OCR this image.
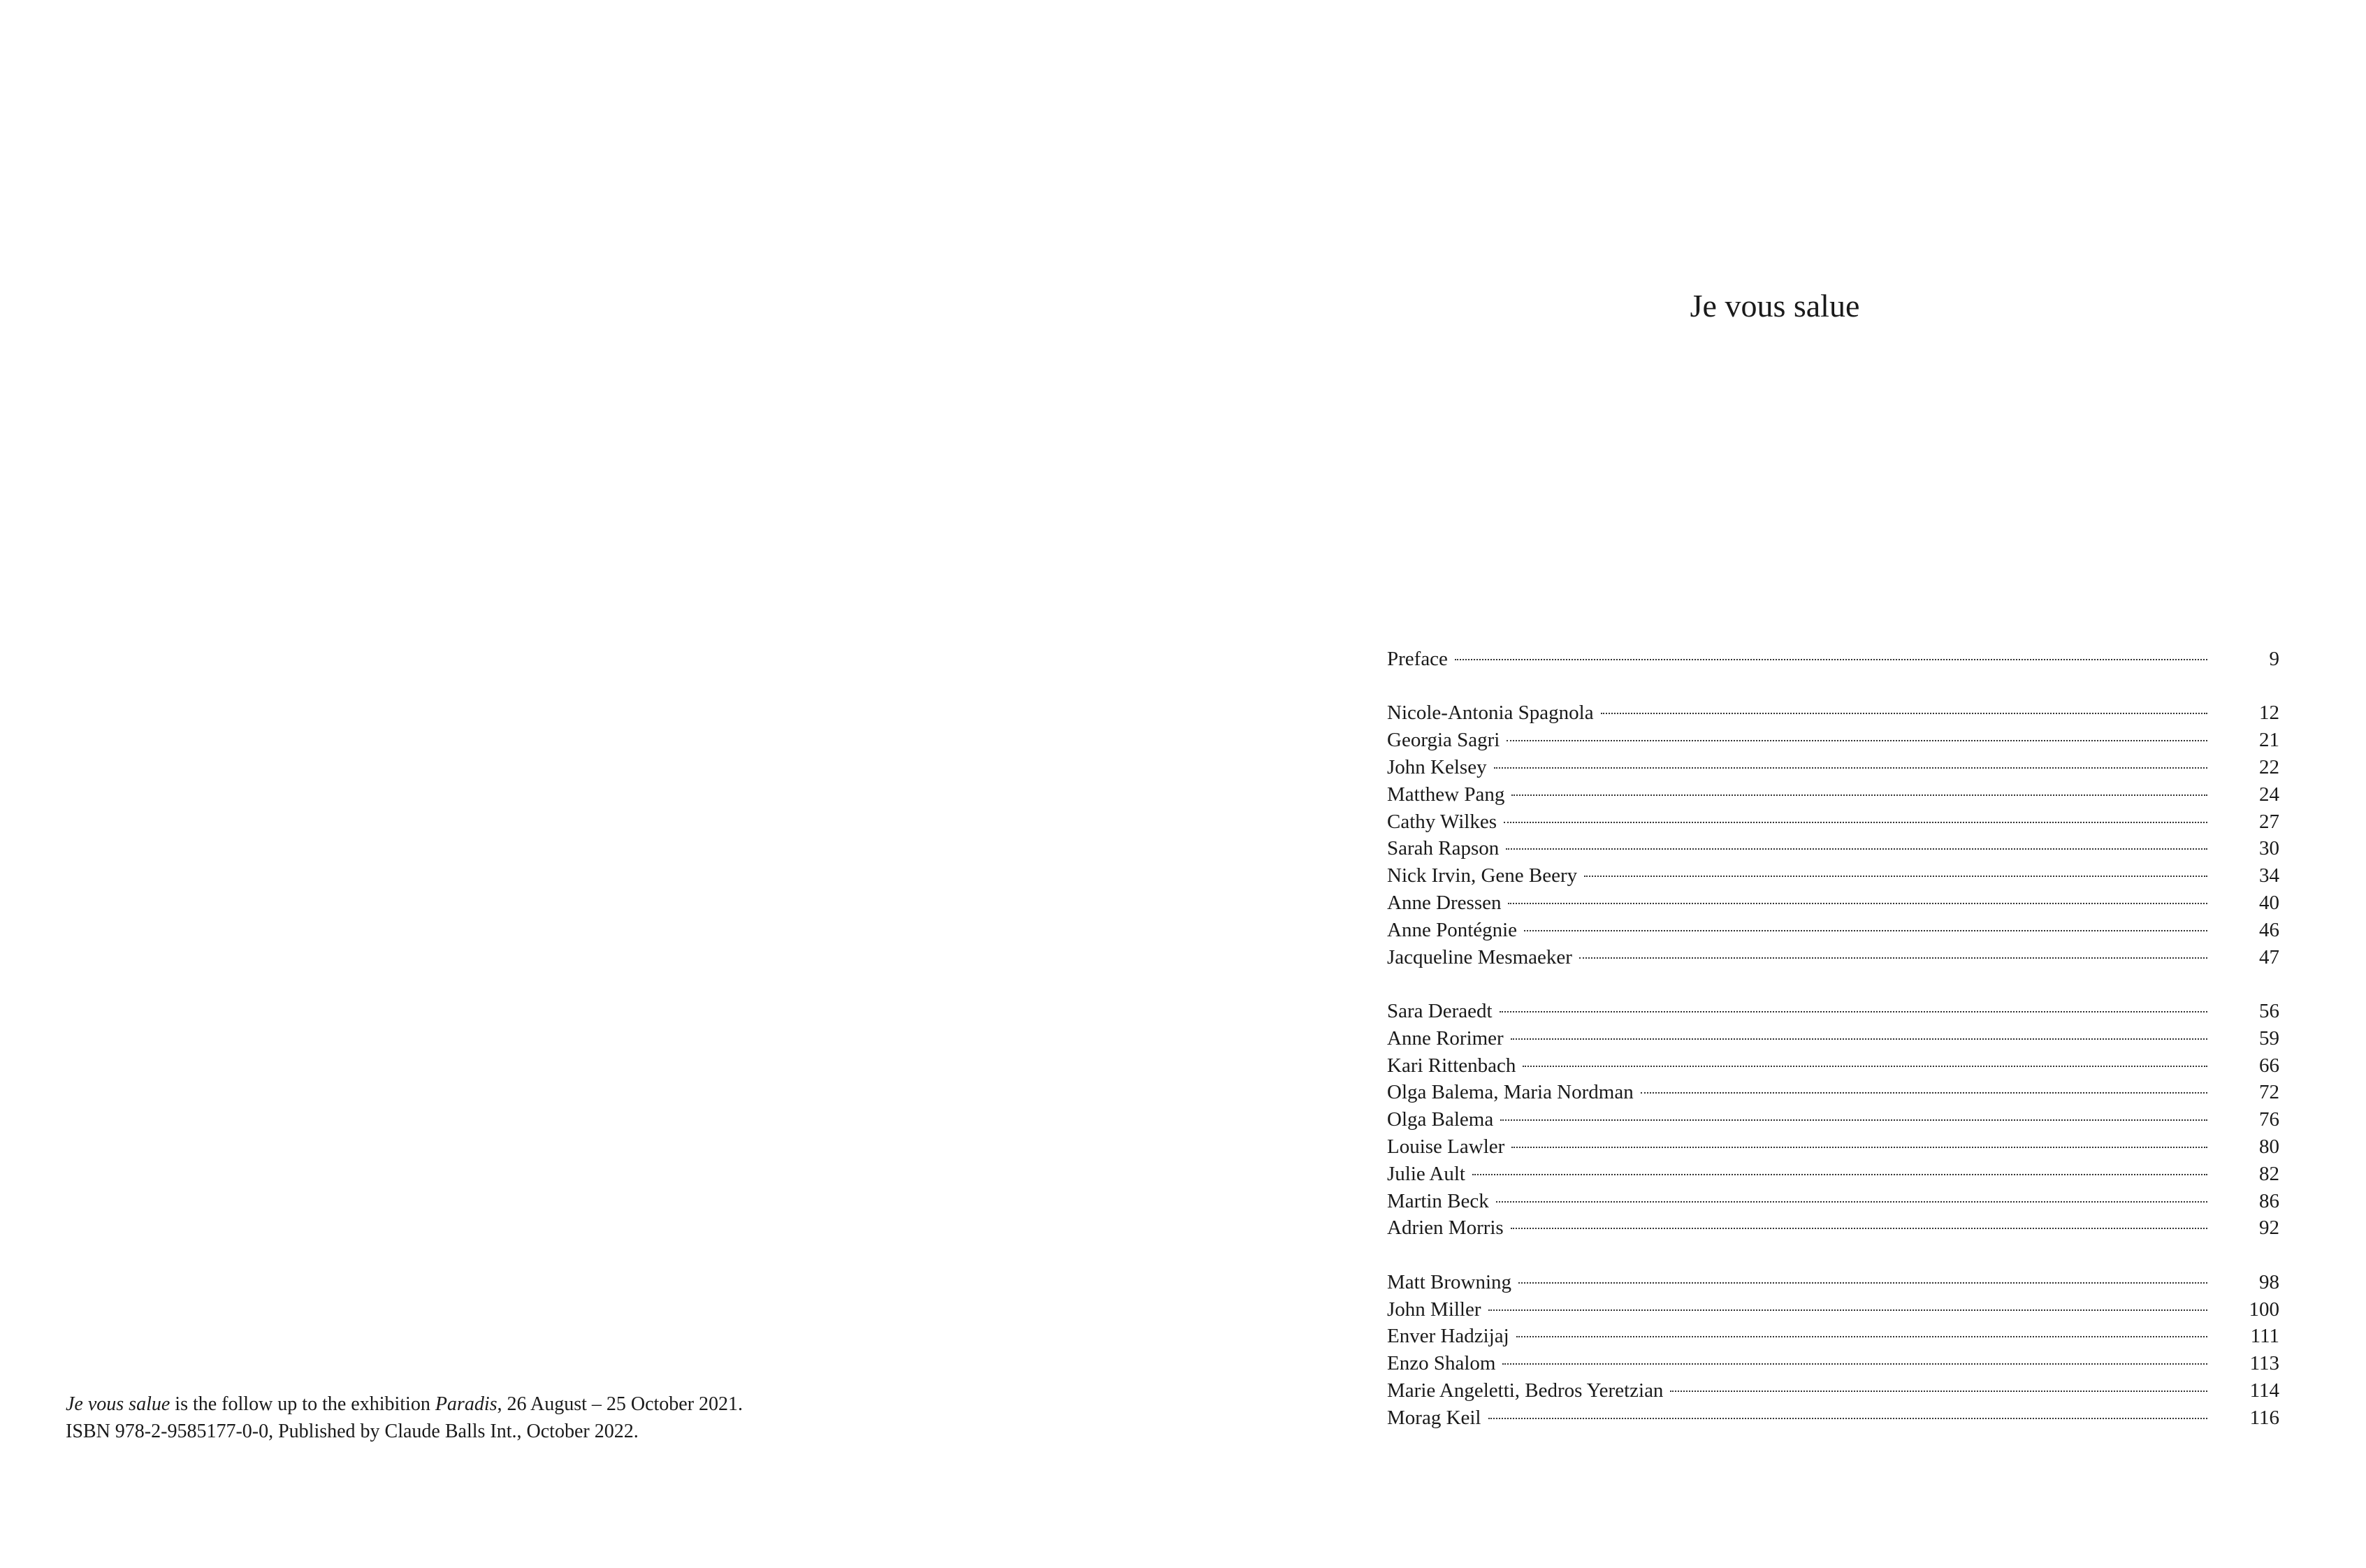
Je vous salue is the follow up to the exhibition Paradis, 26 August – 25 October 2021.

ISBN 978-2-9585177-0-0, Published by Claude Balls Int., October 2022.

Je vous salue
Preface	9
Nicole-Antonia Spagnola	12
Georgia Sagri	21
John Kelsey	22
Matthew Pang	24
Cathy Wilkes	27
Sarah Rapson	30
Nick Irvin, Gene Beery	34
Anne Dressen	40
Anne Pontégnie	46
Jacqueline Mesmaeker	47
Sara Deraedt	56
Anne Rorimer	59
Kari Rittenbach	66
Olga Balema, Maria Nordman	72
Olga Balema	76
Louise Lawler	80
Julie Ault	82
Martin Beck	86
Adrien Morris	92
Matt Browning	98
John Miller	100
Enver Hadzijaj	111
Enzo Shalom	113
Marie Angeletti, Bedros Yeretzian	114
Morag Keil	116
